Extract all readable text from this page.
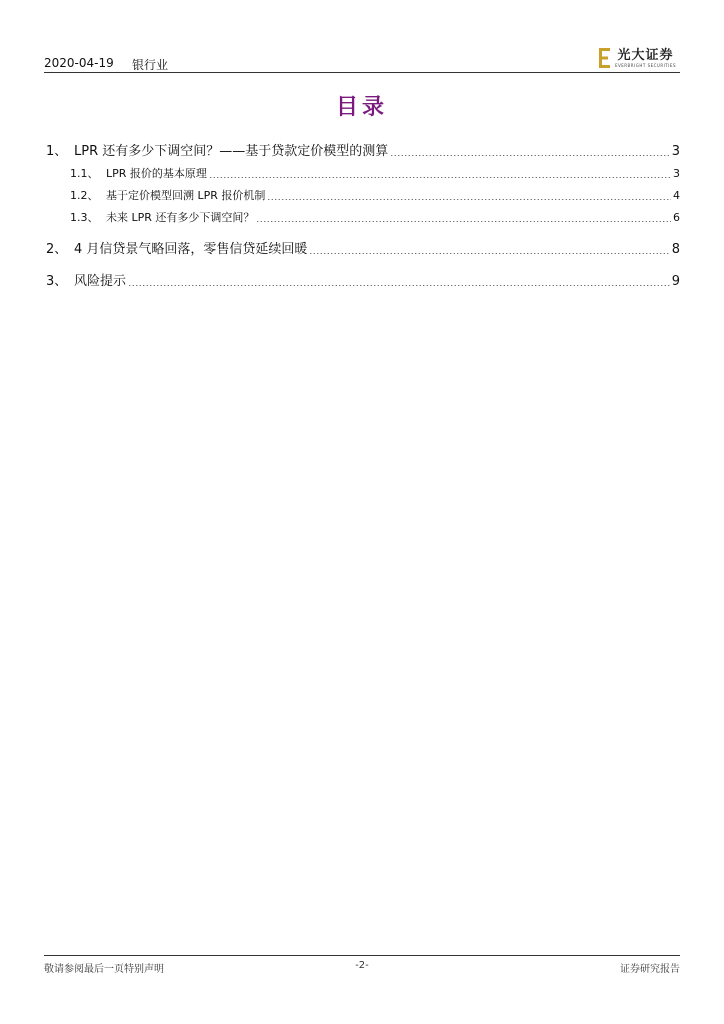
2020-04-19 银行业
光大证券
EVERBRIGHT SECURITIES
目录
1、 LPR 还有多少下调空间？——基于贷款定价模型的测算	3
1.1、 LPR 报价的基本原理	3
1.2、 基于定价模型回溯 LPR 报价机制	4
1.3、 未来 LPR 还有多少下调空间？	6
2、 4 月信贷景气略回落，零售信贷延续回暖	8
3、 风险提示	9
敬请参阅最后一页特别声明	-2-	证券研究报告
